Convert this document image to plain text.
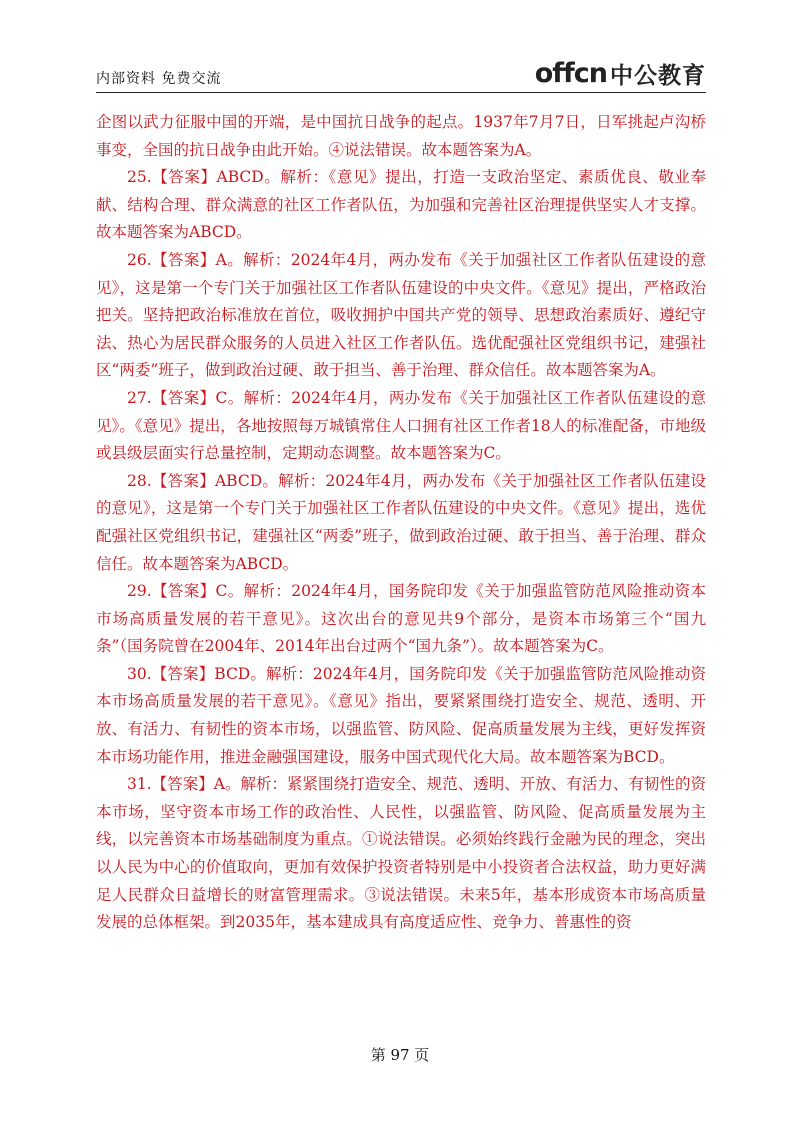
内部资料 免费交流	offcn 中公教育

企图以武力征服中国的开端，是中国抗日战争的起点。1937年7月7日，日军挑起卢沟桥事变，全国的抗日战争由此开始。④说法错误。故本题答案为A。

25.【答案】ABCD。解析：《意见》提出，打造一支政治坚定、素质优良、敬业奉献、结构合理、群众满意的社区工作者队伍，为加强和完善社区治理提供坚实人才支撑。故本题答案为ABCD。

26.【答案】A。解析：2024年4月，两办发布《关于加强社区工作者队伍建设的意见》，这是第一个专门关于加强社区工作者队伍建设的中央文件。《意见》提出，严格政治把关。坚持把政治标准放在首位，吸收拥护中国共产党的领导、思想政治素质好、遵纪守法、热心为居民群众服务的人员进入社区工作者队伍。选优配强社区党组织书记，建强社区“两委”班子，做到政治过硬、敢于担当、善于治理、群众信任。故本题答案为A。

27.【答案】C。解析：2024年4月，两办发布《关于加强社区工作者队伍建设的意见》。《意见》提出，各地按照每万城镇常住人口拥有社区工作者18人的标准配备，市地级或县级层面实行总量控制，定期动态调整。故本题答案为C。

28.【答案】ABCD。解析：2024年4月，两办发布《关于加强社区工作者队伍建设的意见》，这是第一个专门关于加强社区工作者队伍建设的中央文件。《意见》提出，选优配强社区党组织书记，建强社区“两委”班子，做到政治过硬、敢于担当、善于治理、群众信任。故本题答案为ABCD。

29.【答案】C。解析：2024年4月，国务院印发《关于加强监管防范风险推动资本市场高质量发展的若干意见》。这次出台的意见共9个部分，是资本市场第三个“国九条”（国务院曾在2004年、2014年出台过两个“国九条”）。故本题答案为C。

30.【答案】BCD。解析：2024年4月，国务院印发《关于加强监管防范风险推动资本市场高质量发展的若干意见》。《意见》指出，要紧紧围绕打造安全、规范、透明、开放、有活力、有韧性的资本市场，以强监管、防风险、促高质量发展为主线，更好发挥资本市场功能作用，推进金融强国建设，服务中国式现代化大局。故本题答案为BCD。

31.【答案】A。解析：紧紧围绕打造安全、规范、透明、开放、有活力、有韧性的资本市场，坚守资本市场工作的政治性、人民性，以强监管、防风险、促高质量发展为主线，以完善资本市场基础制度为重点。①说法错误。必须始终践行金融为民的理念，突出以人民为中心的价值取向，更加有效保护投资者特别是中小投资者合法权益，助力更好满足人民群众日益增长的财富管理需求。③说法错误。未来5年，基本形成资本市场高质量发展的总体框架。到2035年，基本建成具有高度适应性、竞争力、普惠性的资

第 97 页
